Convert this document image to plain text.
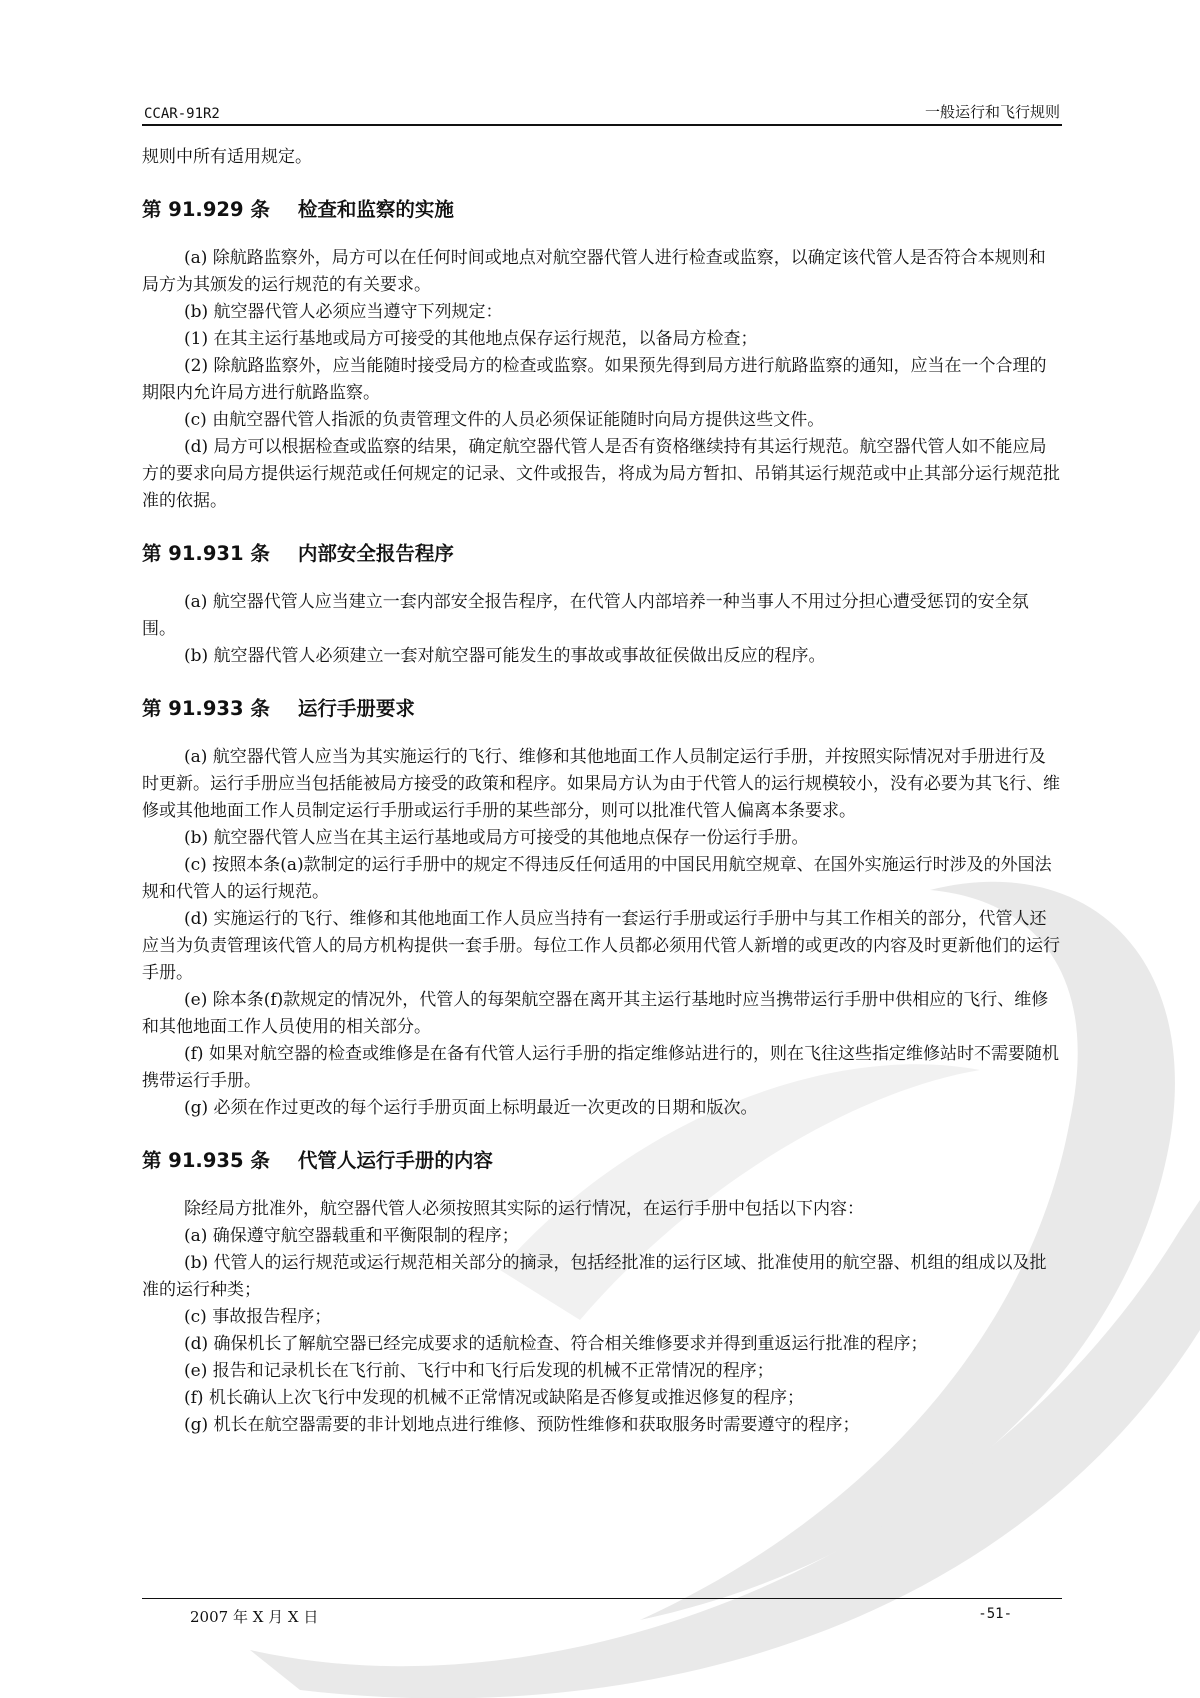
CCAR-91R2	一般运行和飞行规则

规则中所有适用规定。

第 91.929 条 检查和监察的实施

(a) 除航路监察外，局方可以在任何时间或地点对航空器代管人进行检查或监察，以确定该代管人是否符合本规则和局方为其颁发的运行规范的有关要求。

(b) 航空器代管人必须应当遵守下列规定：

(1) 在其主运行基地或局方可接受的其他地点保存运行规范，以备局方检查；

(2) 除航路监察外，应当能随时接受局方的检查或监察。如果预先得到局方进行航路监察的通知，应当在一个合理的期限内允许局方进行航路监察。

(c) 由航空器代管人指派的负责管理文件的人员必须保证能随时向局方提供这些文件。

(d) 局方可以根据检查或监察的结果，确定航空器代管人是否有资格继续持有其运行规范。航空器代管人如不能应局方的要求向局方提供运行规范或任何规定的记录、文件或报告，将成为局方暂扣、吊销其运行规范或中止其部分运行规范批准的依据。

第 91.931 条 内部安全报告程序

(a) 航空器代管人应当建立一套内部安全报告程序，在代管人内部培养一种当事人不用过分担心遭受惩罚的安全氛围。

(b) 航空器代管人必须建立一套对航空器可能发生的事故或事故征侯做出反应的程序。

第 91.933 条 运行手册要求

(a) 航空器代管人应当为其实施运行的飞行、维修和其他地面工作人员制定运行手册，并按照实际情况对手册进行及时更新。运行手册应当包括能被局方接受的政策和程序。如果局方认为由于代管人的运行规模较小，没有必要为其飞行、维修或其他地面工作人员制定运行手册或运行手册的某些部分，则可以批准代管人偏离本条要求。

(b) 航空器代管人应当在其主运行基地或局方可接受的其他地点保存一份运行手册。

(c) 按照本条(a)款制定的运行手册中的规定不得违反任何适用的中国民用航空规章、在国外实施运行时涉及的外国法规和代管人的运行规范。

(d) 实施运行的飞行、维修和其他地面工作人员应当持有一套运行手册或运行手册中与其工作相关的部分，代管人还应当为负责管理该代管人的局方机构提供一套手册。每位工作人员都必须用代管人新增的或更改的内容及时更新他们的运行手册。

(e) 除本条(f)款规定的情况外，代管人的每架航空器在离开其主运行基地时应当携带运行手册中供相应的飞行、维修和其他地面工作人员使用的相关部分。

(f) 如果对航空器的检查或维修是在备有代管人运行手册的指定维修站进行的，则在飞往这些指定维修站时不需要随机携带运行手册。

(g) 必须在作过更改的每个运行手册页面上标明最近一次更改的日期和版次。

第 91.935 条 代管人运行手册的内容

除经局方批准外，航空器代管人必须按照其实际的运行情况，在运行手册中包括以下内容：

(a) 确保遵守航空器载重和平衡限制的程序；

(b) 代管人的运行规范或运行规范相关部分的摘录，包括经批准的运行区域、批准使用的航空器、机组的组成以及批准的运行种类；

(c) 事故报告程序；

(d) 确保机长了解航空器已经完成要求的适航检查、符合相关维修要求并得到重返运行批准的程序；

(e) 报告和记录机长在飞行前、飞行中和飞行后发现的机械不正常情况的程序；

(f) 机长确认上次飞行中发现的机械不正常情况或缺陷是否修复或推迟修复的程序；

(g) 机长在航空器需要的非计划地点进行维修、预防性维修和获取服务时需要遵守的程序；

2007 年 X 月 X 日	-51-
